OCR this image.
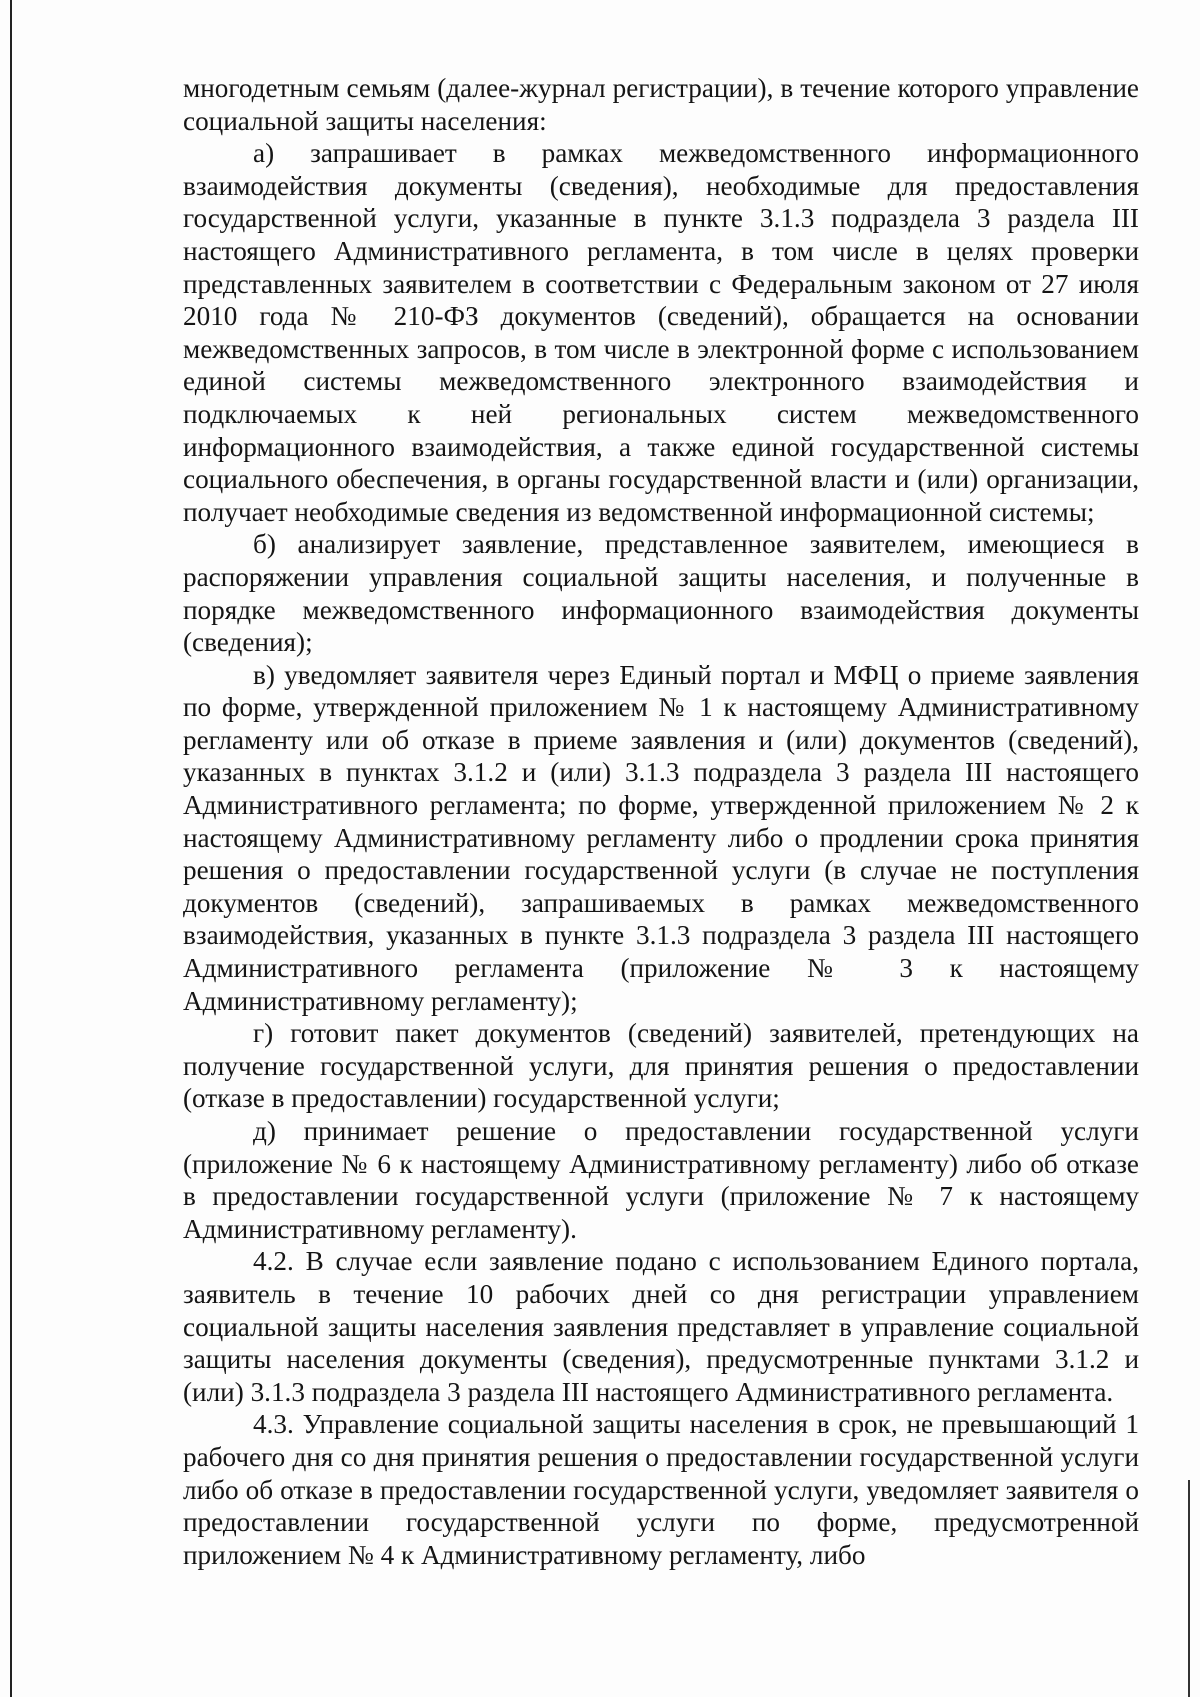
многодетным семьям (далее-журнал регистрации), в течение которого управление социальной защиты населения:

а) запрашивает в рамках межведомственного информационного взаимодействия документы (сведения), необходимые для предоставления государственной услуги, указанные в пункте 3.1.3 подраздела 3 раздела III настоящего Административного регламента, в том числе в целях проверки представленных заявителем в соответствии с Федеральным законом от 27 июля 2010 года № 210-ФЗ документов (сведений), обращается на основании межведомственных запросов, в том числе в электронной форме с использованием единой системы межведомственного электронного взаимодействия и подключаемых к ней региональных систем межведомственного информационного взаимодействия, а также единой государственной системы социального обеспечения, в органы государственной власти и (или) организации, получает необходимые сведения из ведомственной информационной системы;

б) анализирует заявление, представленное заявителем, имеющиеся в распоряжении управления социальной защиты населения, и полученные в порядке межведомственного информационного взаимодействия документы (сведения);

в) уведомляет заявителя через Единый портал и МФЦ о приеме заявления по форме, утвержденной приложением № 1 к настоящему Административному регламенту или об отказе в приеме заявления и (или) документов (сведений), указанных в пунктах 3.1.2 и (или) 3.1.3 подраздела 3 раздела III настоящего Административного регламента; по форме, утвержденной приложением № 2 к настоящему Административному регламенту либо о продлении срока принятия решения о предоставлении государственной услуги (в случае не поступления документов (сведений), запрашиваемых в рамках межведомственного взаимодействия, указанных в пункте 3.1.3 подраздела 3 раздела III настоящего Административного регламента (приложение № 3 к настоящему Административному регламенту);

г) готовит пакет документов (сведений) заявителей, претендующих на получение государственной услуги, для принятия решения о предоставлении (отказе в предоставлении) государственной услуги;

д) принимает решение о предоставлении государственной услуги (приложение № 6 к настоящему Административному регламенту) либо об отказе в предоставлении государственной услуги (приложение № 7 к настоящему Административному регламенту).

4.2. В случае если заявление подано с использованием Единого портала, заявитель в течение 10 рабочих дней со дня регистрации управлением социальной защиты населения заявления представляет в управление социальной защиты населения документы (сведения), предусмотренные пунктами 3.1.2 и (или) 3.1.3 подраздела 3 раздела III настоящего Административного регламента.

4.3. Управление социальной защиты населения в срок, не превышающий 1 рабочего дня со дня принятия решения о предоставлении государственной услуги либо об отказе в предоставлении государственной услуги, уведомляет заявителя о предоставлении государственной услуги по форме, предусмотренной приложением № 4 к Административному регламенту, либо
